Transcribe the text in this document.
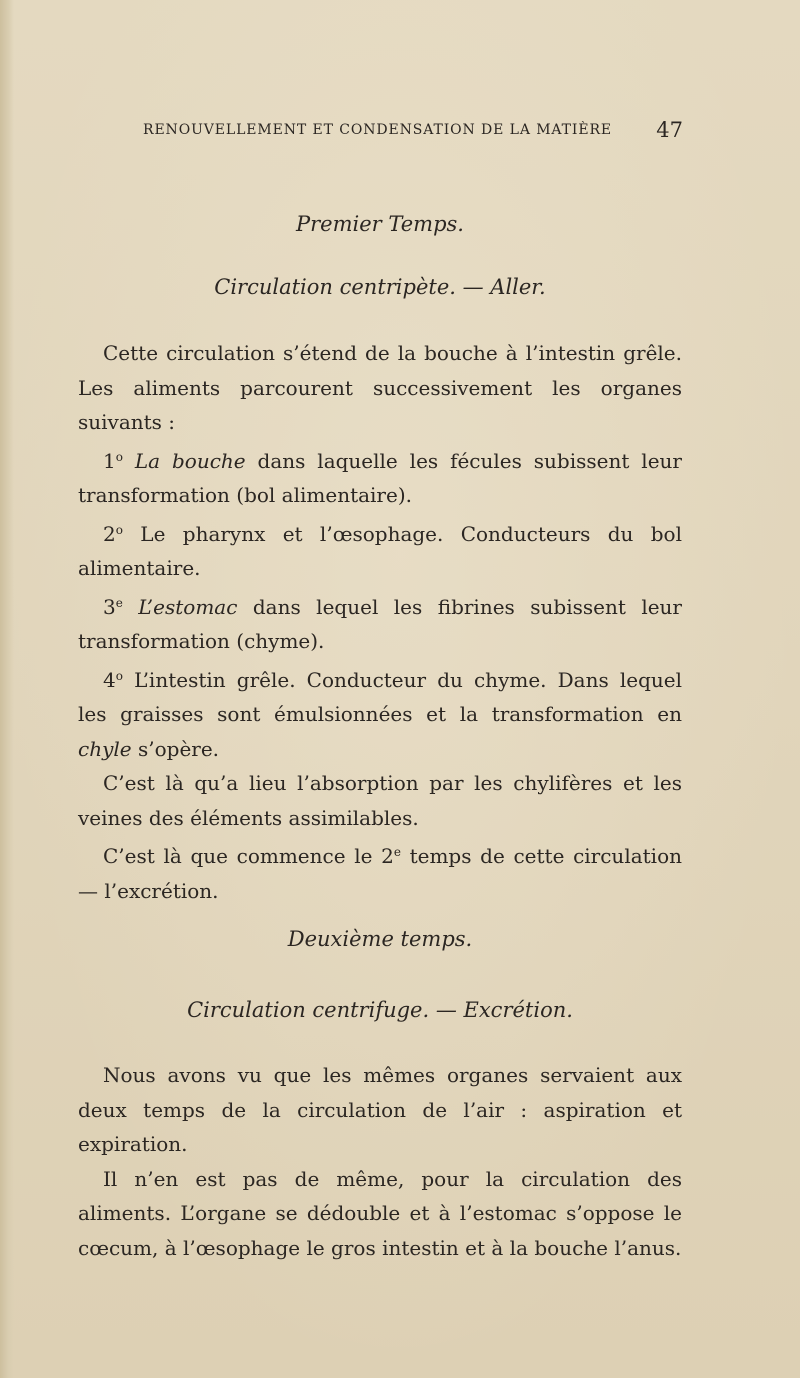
RENOUVELLEMENT ET CONDENSATION DE LA MATIÈRE 47
Premier Temps.
Circulation centripète. — Aller.

Cette circulation s’étend de la bouche à l’intestin grêle. Les aliments parcourent successivement les organes suivants :

1$^o$ La bouche dans laquelle les fécules subissent leur transformation (bol alimentaire).

2$^o$ Le pharynx et l’œsophage. Conducteurs du bol alimentaire.

3e L’estomac dans lequel les fibrines subissent leur transformation (chyme).

4$^o$ L’intestin grêle. Conducteur du chyme. Dans lequel les graisses sont émulsionnées et la transformation en chyle s’opère.

C’est là qu’a lieu l’absorption par les chylifères et les veines des éléments assimilables.

C’est là que commence le 2e temps de cette circulation — l’excrétion.

Deuxième temps.
Circulation centrifuge. — Excrétion.

Nous avons vu que les mêmes organes servaient aux deux temps de la circulation de l’air : aspiration et expiration.

Il n’en est pas de même, pour la circulation des aliments. L’organe se dédouble et à l’estomac s’oppose le cœcum, à l’œsophage le gros intestin et à la bouche l’anus.
